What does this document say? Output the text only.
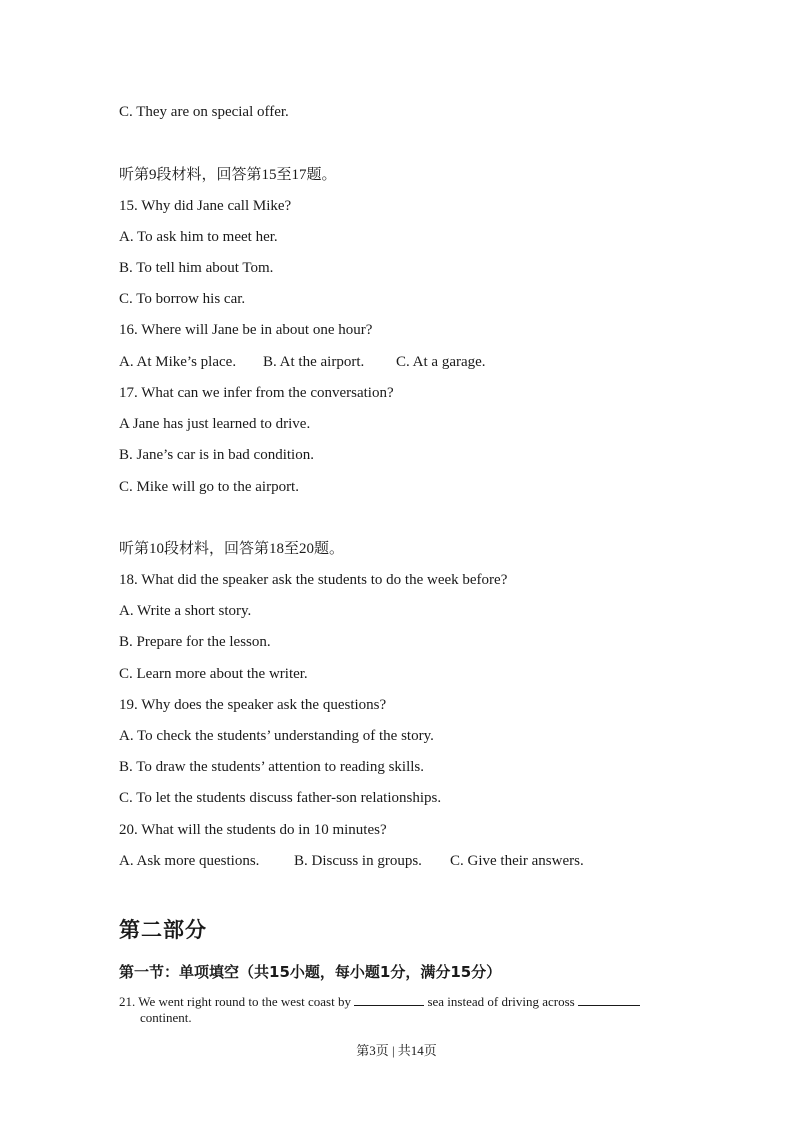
C. They are on special offer.
听第9段材料，回答第15至17题。
15. Why did Jane call Mike?
A. To ask him to meet her.
B. To tell him about Tom.
C. To borrow his car.
16. Where will Jane be in about one hour?
A. At Mike’s place. B. At the airport. C. At a garage.
17. What can we infer from the conversation?
A Jane has just learned to drive.
B. Jane’s car is in bad condition.
C. Mike will go to the airport.
听第10段材料，回答第18至20题。
18. What did the speaker ask the students to do the week before?
A. Write a short story.
B. Prepare for the lesson.
C. Learn more about the writer.
19. Why does the speaker ask the questions?
A. To check the students’ understanding of the story.
B. To draw the students’ attention to reading skills.
C. To let the students discuss father-son relationships.
20. What will the students do in 10 minutes?
A. Ask more questions. B. Discuss in groups. C. Give their answers.
第二部分
第一节：单项填空（共15小题，每小题1分，满分15分）
21. We went right round to the west coast by	sea instead of driving across
continent.
第3页 | 共14页
